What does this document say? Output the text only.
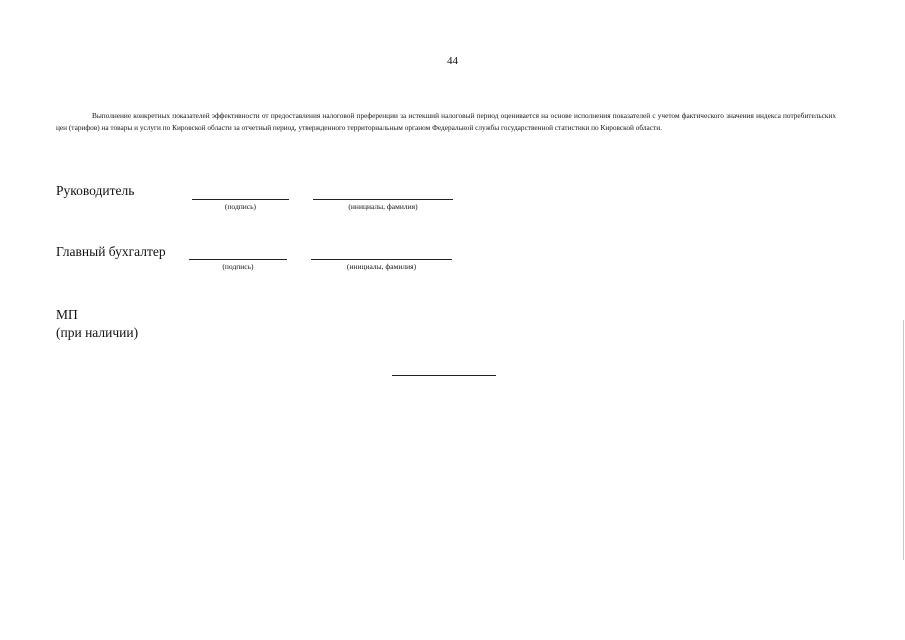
44
Выполнение конкретных показателей эффективности от предоставления налоговой преференции за истекший налоговый период оценивается на основе исполнения показателей с учетом фактического значения индекса потребительских цен (тарифов) на товары и услуги по Кировской области за отчетный период, утвержденного территориальным органом Федеральной службы государственной статистики по Кировской области.
Руководитель
(подпись)	(инициалы, фамилия)
Главный бухгалтер
(подпись)	(инициалы, фамилия)
МП
(при наличии)
